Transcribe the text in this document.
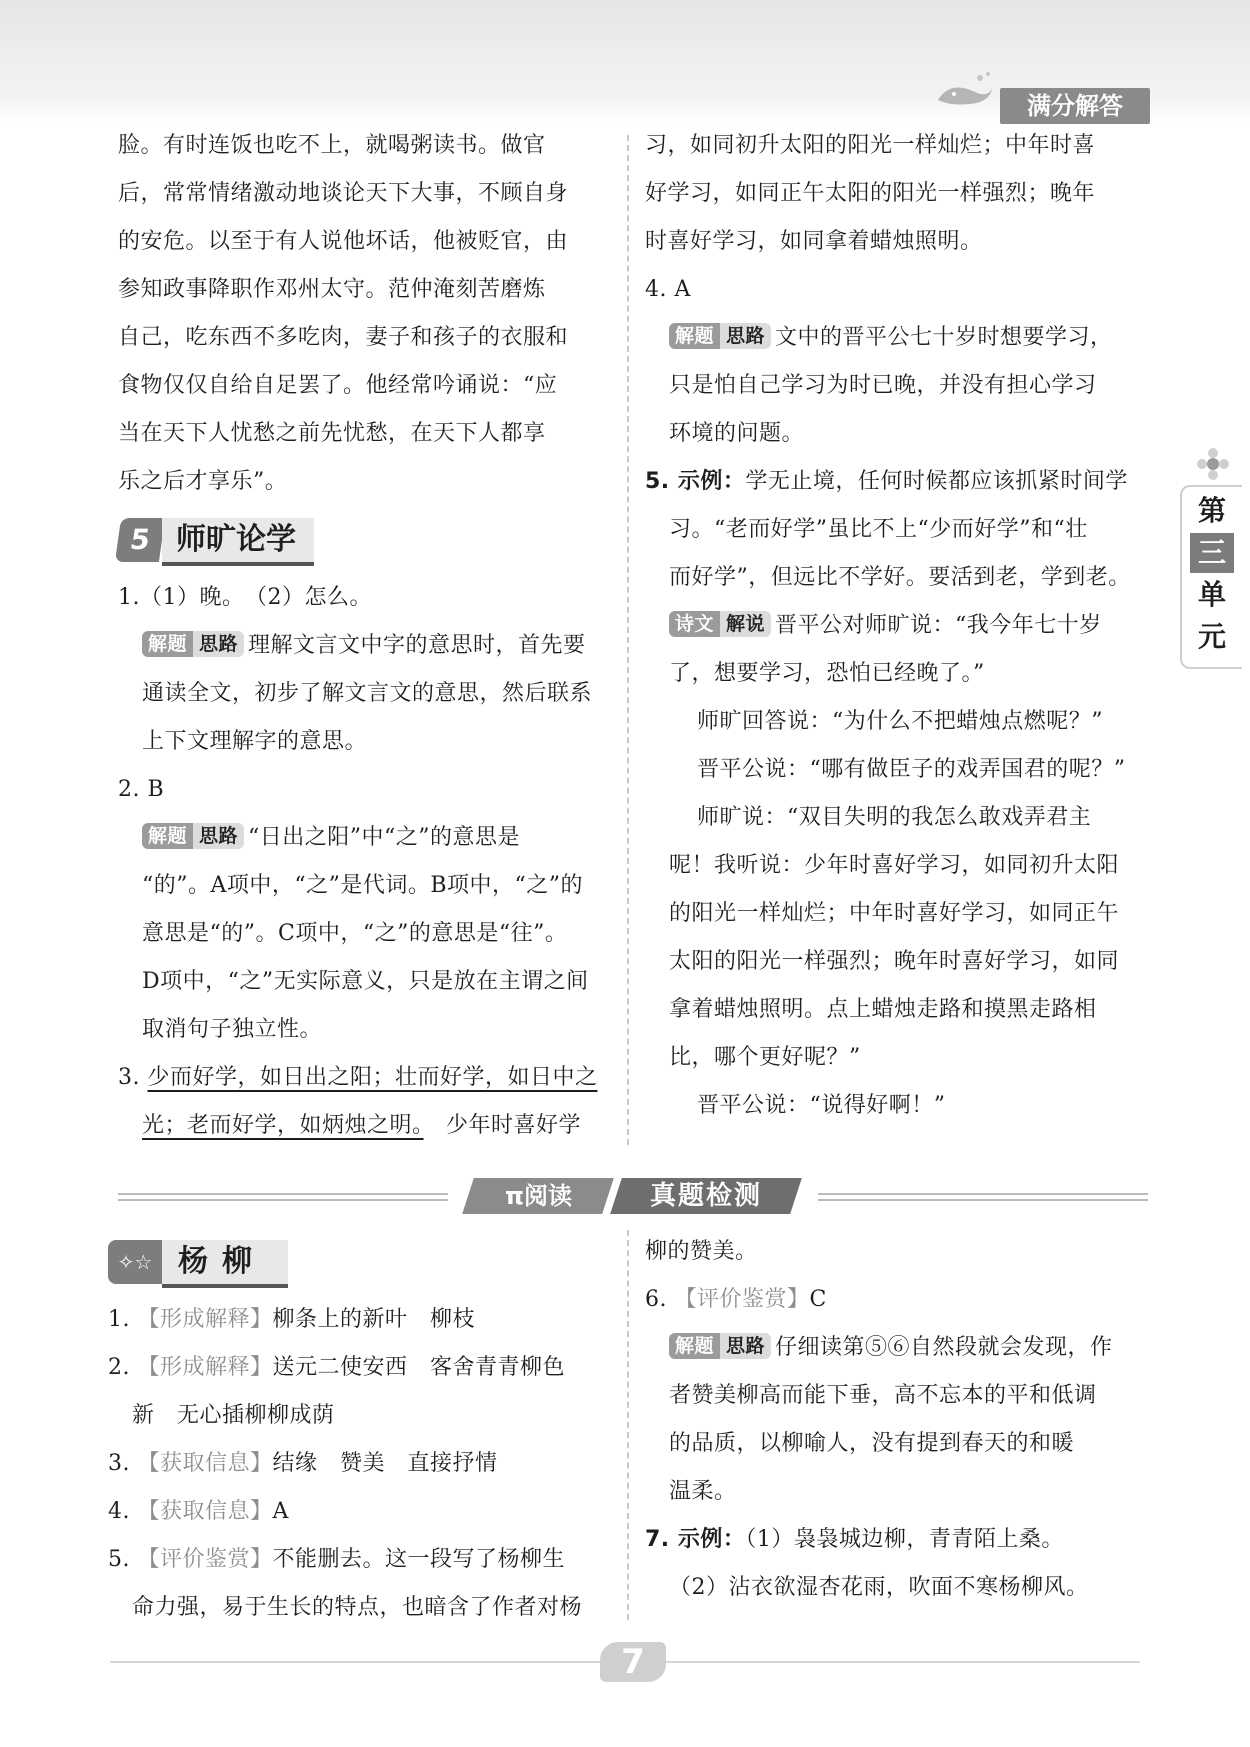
满分解答
脸。有时连饭也吃不上，就喝粥读书。做官
后，常常情绪激动地谈论天下大事，不顾自身
的安危。以至于有人说他坏话，他被贬官，由
参知政事降职作邓州太守。范仲淹刻苦磨炼
自己，吃东西不多吃肉，妻子和孩子的衣服和
食物仅仅自给自足罢了。他经常吟诵说：“应
当在天下人忧愁之前先忧愁，在天下人都享
乐之后才享乐”。
5 师旷论学
1.（1）晚。　（2）怎么。
解题 思路 理解文言文中字的意思时，首先要
通读全文，初步了解文言文的意思，然后联系
上下文理解字的意思。
2. B
解题 思路 “日出之阳”中“之”的意思是
“的”。A项中，“之”是代词。B项中，“之”的
意思是“的”。C项中，“之”的意思是“往”。
D项中，“之”无实际意义，只是放在主谓之间
取消句子独立性。
3. 少而好学，如日出之阳；壮而好学，如日中之
光；老而好学，如炳烛之明。　少年时喜好学
习，如同初升太阳的阳光一样灿烂；中年时喜
好学习，如同正午太阳的阳光一样强烈；晚年
时喜好学习，如同拿着蜡烛照明。
4. A
解题 思路 文中的晋平公七十岁时想要学习，
只是怕自己学习为时已晚，并没有担心学习
环境的问题。
5. 示例：学无止境，任何时候都应该抓紧时间学
习。“老而好学”虽比不上“少而好学”和“壮
而好学”，但远比不学好。要活到老，学到老。
诗文 解说 晋平公对师旷说：“我今年七十岁
了，想要学习，恐怕已经晚了。”
师旷回答说：“为什么不把蜡烛点燃呢？”
晋平公说：“哪有做臣子的戏弄国君的呢？”
师旷说：“双目失明的我怎么敢戏弄君主
呢！我听说：少年时喜好学习，如同初升太阳
的阳光一样灿烂；中年时喜好学习，如同正午
太阳的阳光一样强烈；晚年时喜好学习，如同
拿着蜡烛照明。点上蜡烛走路和摸黑走路相
比，哪个更好呢？”
晋平公说：“说得好啊！”
第
三
单
元
π阅读	真题检测
✧☆ 杨柳
1. 【形成解释】柳条上的新叶　柳枝
2. 【形成解释】送元二使安西　客舍青青柳色
新　无心插柳柳成荫
3. 【获取信息】结缘　赞美　直接抒情
4. 【获取信息】A
5. 【评价鉴赏】不能删去。这一段写了杨柳生
命力强，易于生长的特点，也暗含了作者对杨
柳的赞美。
6. 【评价鉴赏】C
解题 思路 仔细读第⑤⑥自然段就会发现，作
者赞美柳高而能下垂，高不忘本的平和低调
的品质，以柳喻人，没有提到春天的和暖
温柔。
7. 示例：（1）袅袅城边柳，青青陌上桑。
（2）沾衣欲湿杏花雨，吹面不寒杨柳风。
7
